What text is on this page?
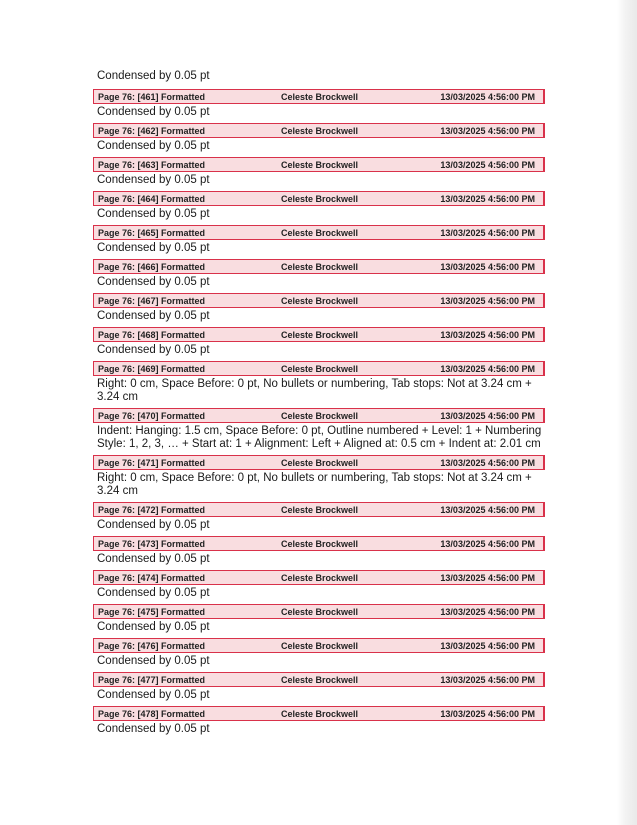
Condensed by 0.05 pt
Page 76: [461] Formatted	Celeste Brockwell	13/03/2025 4:56:00 PM
Condensed by 0.05 pt
Page 76: [462] Formatted	Celeste Brockwell	13/03/2025 4:56:00 PM
Condensed by 0.05 pt
Page 76: [463] Formatted	Celeste Brockwell	13/03/2025 4:56:00 PM
Condensed by 0.05 pt
Page 76: [464] Formatted	Celeste Brockwell	13/03/2025 4:56:00 PM
Condensed by 0.05 pt
Page 76: [465] Formatted	Celeste Brockwell	13/03/2025 4:56:00 PM
Condensed by 0.05 pt
Page 76: [466] Formatted	Celeste Brockwell	13/03/2025 4:56:00 PM
Condensed by 0.05 pt
Page 76: [467] Formatted	Celeste Brockwell	13/03/2025 4:56:00 PM
Condensed by 0.05 pt
Page 76: [468] Formatted	Celeste Brockwell	13/03/2025 4:56:00 PM
Condensed by 0.05 pt
Page 76: [469] Formatted	Celeste Brockwell	13/03/2025 4:56:00 PM
Right: 0 cm, Space Before: 0 pt, No bullets or numbering, Tab stops: Not at 3.24 cm + 3.24 cm
Page 76: [470] Formatted	Celeste Brockwell	13/03/2025 4:56:00 PM
Indent: Hanging: 1.5 cm, Space Before: 0 pt, Outline numbered + Level: 1 + Numbering Style: 1, 2, 3, … + Start at: 1 + Alignment: Left + Aligned at: 0.5 cm + Indent at: 2.01 cm
Page 76: [471] Formatted	Celeste Brockwell	13/03/2025 4:56:00 PM
Right: 0 cm, Space Before: 0 pt, No bullets or numbering, Tab stops: Not at 3.24 cm + 3.24 cm
Page 76: [472] Formatted	Celeste Brockwell	13/03/2025 4:56:00 PM
Condensed by 0.05 pt
Page 76: [473] Formatted	Celeste Brockwell	13/03/2025 4:56:00 PM
Condensed by 0.05 pt
Page 76: [474] Formatted	Celeste Brockwell	13/03/2025 4:56:00 PM
Condensed by 0.05 pt
Page 76: [475] Formatted	Celeste Brockwell	13/03/2025 4:56:00 PM
Condensed by 0.05 pt
Page 76: [476] Formatted	Celeste Brockwell	13/03/2025 4:56:00 PM
Condensed by 0.05 pt
Page 76: [477] Formatted	Celeste Brockwell	13/03/2025 4:56:00 PM
Condensed by 0.05 pt
Page 76: [478] Formatted	Celeste Brockwell	13/03/2025 4:56:00 PM
Condensed by 0.05 pt
